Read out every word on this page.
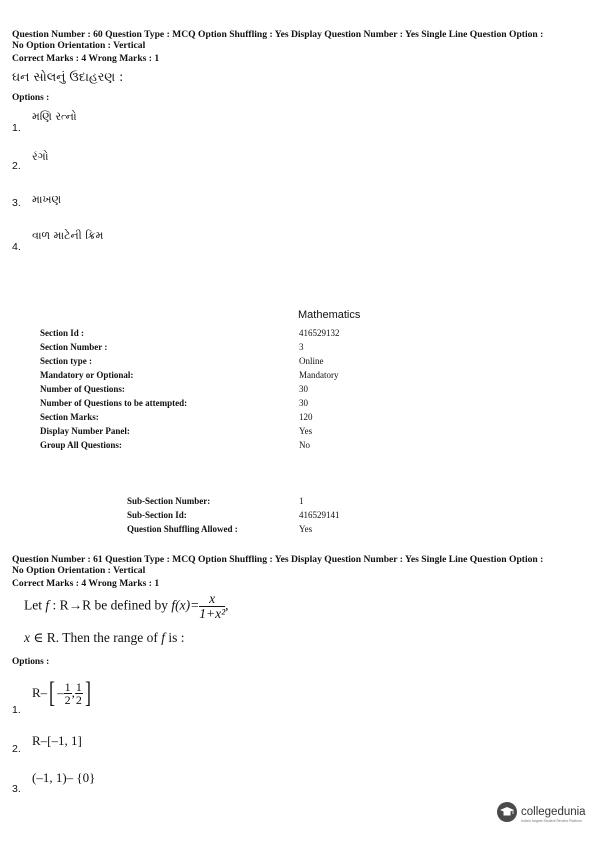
Question Number : 60 Question Type : MCQ Option Shuffling : Yes Display Question Number : Yes Single Line Question Option :
No Option Orientation : Vertical
Correct Marks : 4 Wrong Marks : 1
ઘન સોલનું ઉદાહરણ :
Options :
1.
મણિ રત્નો
2.
રંગો
3. માખણ
4.
વાળ માટેની ક્રિમ
Mathematics
Section Id :	416529132
Section Number :	3
Section type :	Online
Mandatory or Optional:	Mandatory
Number of Questions:	30
Number of Questions to be attempted:	30
Section Marks:	120
Display Number Panel:	Yes
Group All Questions:	No
Sub-Section Number:	1
Sub-Section Id:	416529141
Question Shuffling Allowed :	Yes
Question Number : 61 Question Type : MCQ Option Shuffling : Yes Display Question Number : Yes Single Line Question Option :
No Option Orientation : Vertical
Correct Marks : 4 Wrong Marks : 1
Let f : R→R be defined by $f(x)= \frac{x}{\text{1+x²}}$ ,
x ∈ R. Then the range of f is :
Options :
1.
$R-[ - \frac{1}{2}$ , $\frac{1}{2}$ ]
2.
R–[–1, 1]
3.
(–1, 1)– {0}
collegedunia
India's largest Student Review Platform
